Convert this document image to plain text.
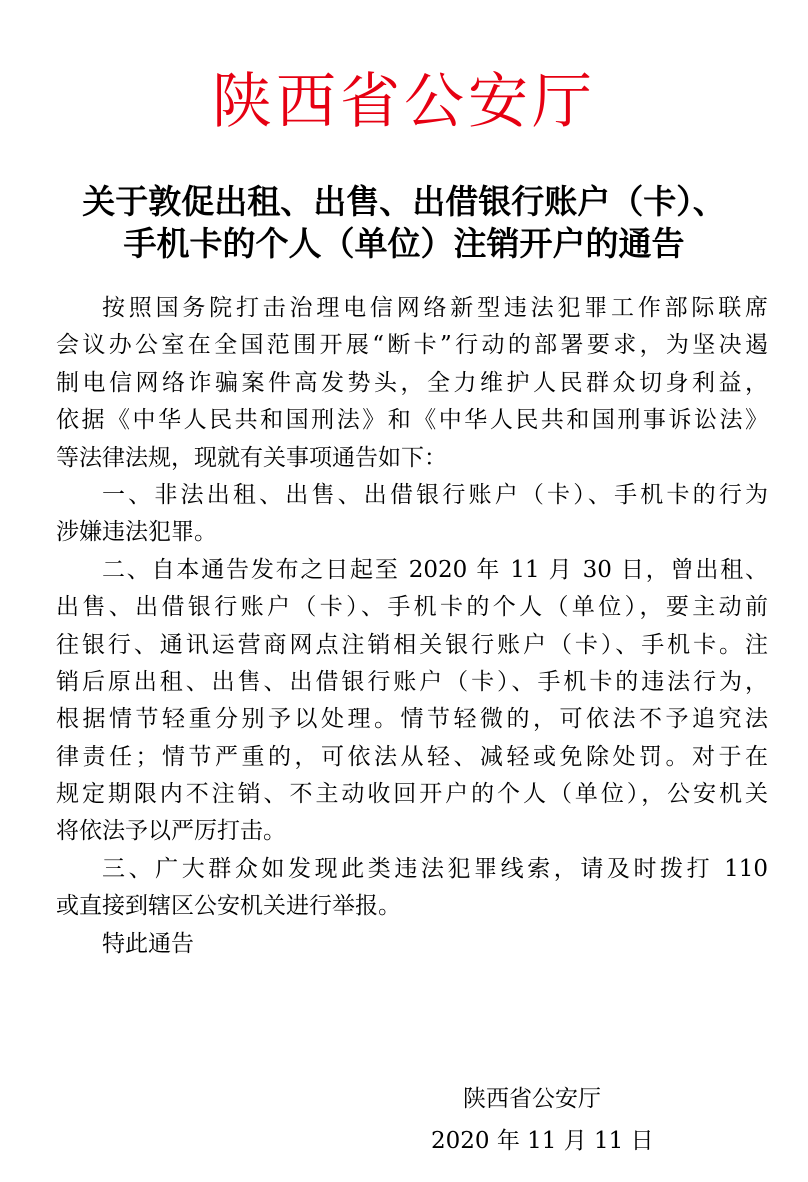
陕西省公安厅
关于敦促出租、出售、出借银行账户（卡）、
手机卡的个人（单位）注销开户的通告
按照国务院打击治理电信网络新型违法犯罪工作部际联席
会议办公室在全国范围开展“断卡”行动的部署要求，为坚决遏
制电信网络诈骗案件高发势头，全力维护人民群众切身利益，
依据《中华人民共和国刑法》和《中华人民共和国刑事诉讼法》
等法律法规，现就有关事项通告如下：
一、非法出租、出售、出借银行账户（卡）、手机卡的行为
涉嫌违法犯罪。
二、自本通告发布之日起至 2020 年 11 月 30 日，曾出租、
出售、出借银行账户（卡）、手机卡的个人（单位），要主动前
往银行、通讯运营商网点注销相关银行账户（卡）、手机卡。注
销后原出租、出售、出借银行账户（卡）、手机卡的违法行为，
根据情节轻重分别予以处理。情节轻微的，可依法不予追究法
律责任；情节严重的，可依法从轻、减轻或免除处罚。对于在
规定期限内不注销、不主动收回开户的个人（单位），公安机关
将依法予以严厉打击。
三、广大群众如发现此类违法犯罪线索，请及时拨打 110
或直接到辖区公安机关进行举报。
特此通告
陕西省公安厅
2020 年 11 月 11 日
